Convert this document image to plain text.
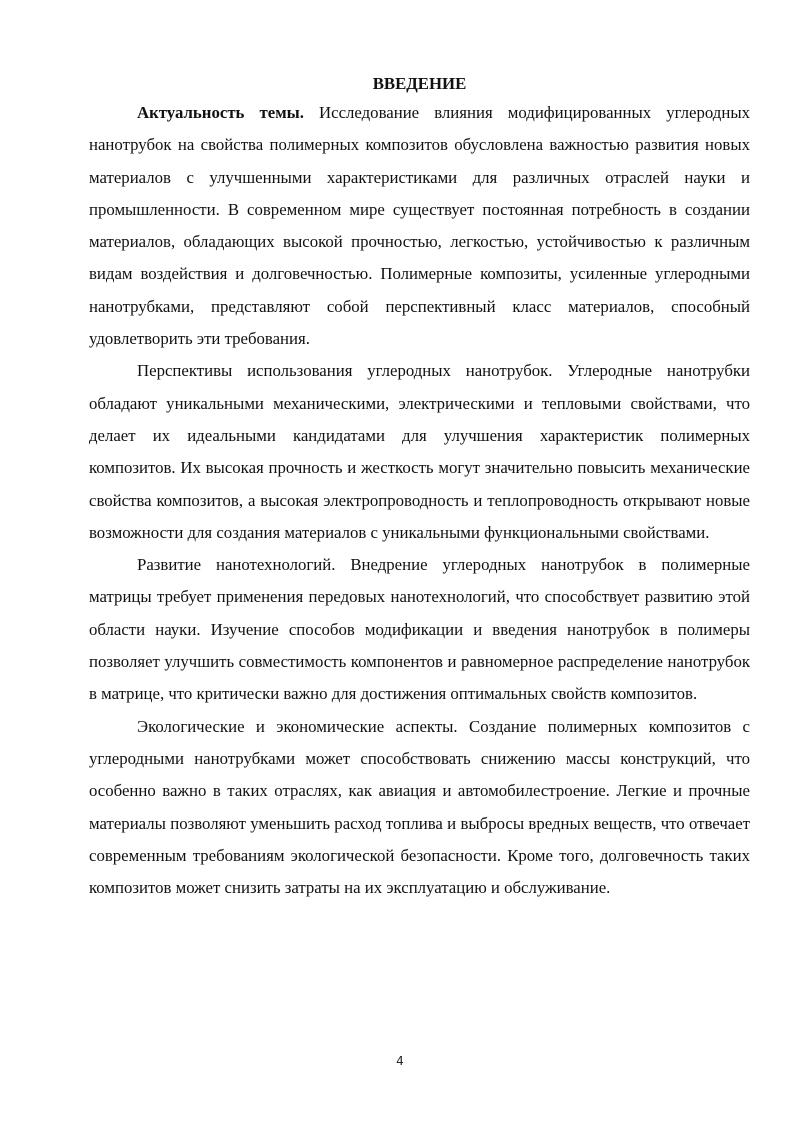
ВВЕДЕНИЕ

Актуальность темы. Исследование влияния модифицированных углеродных нанотрубок на свойства полимерных композитов обусловлена важностью развития новых материалов с улучшенными характеристиками для различных отраслей науки и промышленности. В современном мире существует постоянная потребность в создании материалов, обладающих высокой прочностью, легкостью, устойчивостью к различным видам воздействия и долговечностью. Полимерные композиты, усиленные углеродными нанотрубками, представляют собой перспективный класс материалов, способный удовлетворить эти требования.

Перспективы использования углеродных нанотрубок. Углеродные нанотрубки обладают уникальными механическими, электрическими и тепловыми свойствами, что делает их идеальными кандидатами для улучшения характеристик полимерных композитов. Их высокая прочность и жесткость могут значительно повысить механические свойства композитов, а высокая электропроводность и теплопроводность открывают новые возможности для создания материалов с уникальными функциональными свойствами.

Развитие нанотехнологий. Внедрение углеродных нанотрубок в полимерные матрицы требует применения передовых нанотехнологий, что способствует развитию этой области науки. Изучение способов модификации и введения нанотрубок в полимеры позволяет улучшить совместимость компонентов и равномерное распределение нанотрубок в матрице, что критически важно для достижения оптимальных свойств композитов.

Экологические и экономические аспекты. Создание полимерных композитов с углеродными нанотрубками может способствовать снижению массы конструкций, что особенно важно в таких отраслях, как авиация и автомобилестроение. Легкие и прочные материалы позволяют уменьшить расход топлива и выбросы вредных веществ, что отвечает современным требованиям экологической безопасности. Кроме того, долговечность таких композитов может снизить затраты на их эксплуатацию и обслуживание.

4
